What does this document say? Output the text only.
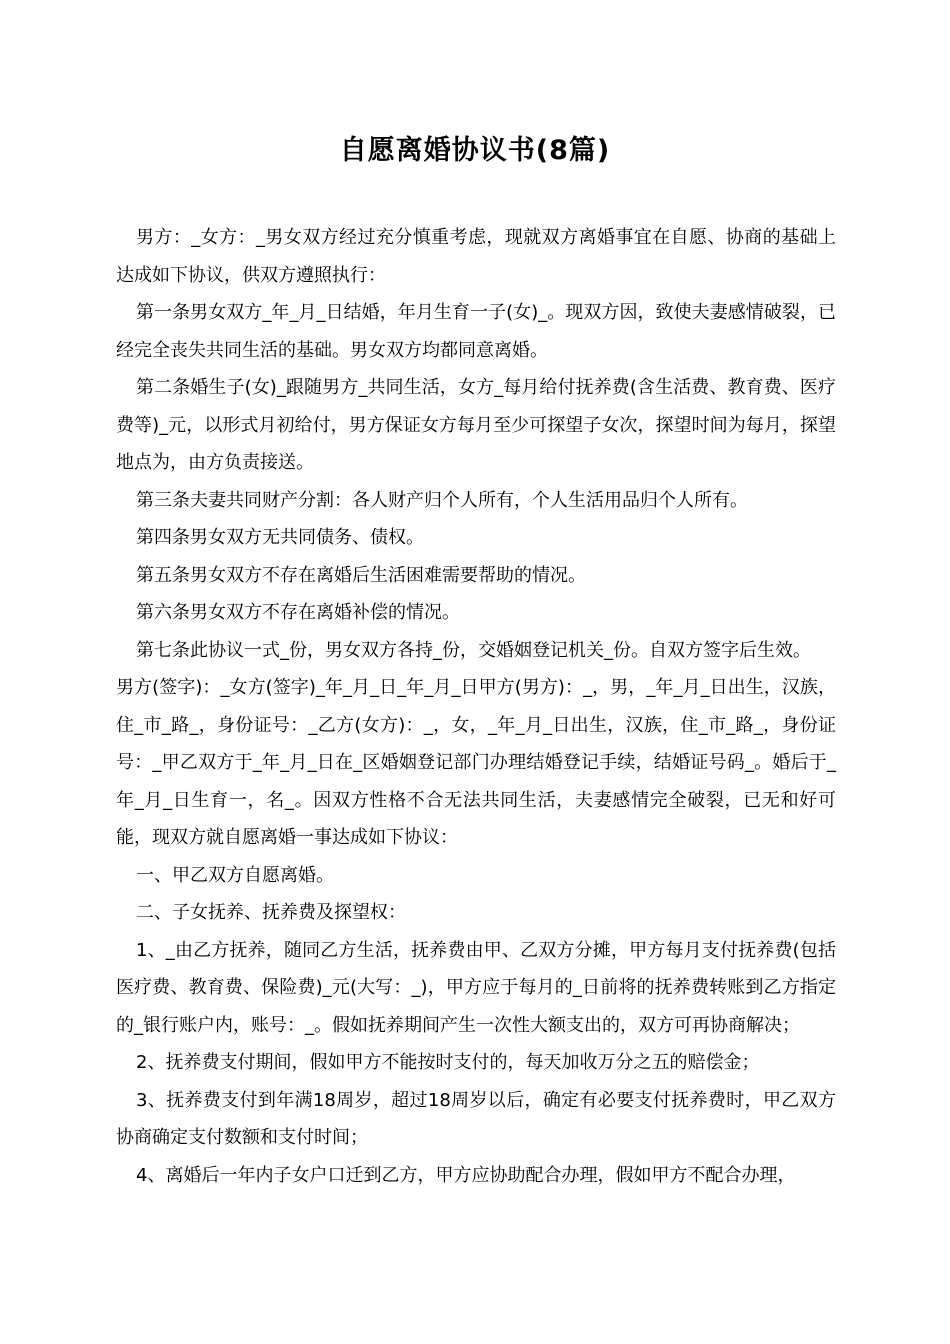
自愿离婚协议书(8篇)

男方：_女方：_男女双方经过充分慎重考虑，现就双方离婚事宜在自愿、协商的基础上达成如下协议，供双方遵照执行：

第一条男女双方_年_月_日结婚，年月生育一子(女)_。现双方因，致使夫妻感情破裂，已经完全丧失共同生活的基础。男女双方均都同意离婚。

第二条婚生子(女)_跟随男方_共同生活，女方_每月给付抚养费(含生活费、教育费、医疗费等)_元，以形式月初给付，男方保证女方每月至少可探望子女次，探望时间为每月，探望地点为，由方负责接送。

第三条夫妻共同财产分割：各人财产归个人所有，个人生活用品归个人所有。

第四条男女双方无共同债务、债权。

第五条男女双方不存在离婚后生活困难需要帮助的情况。

第六条男女双方不存在离婚补偿的情况。

第七条此协议一式_份，男女双方各持_份，交婚姻登记机关_份。自双方签字后生效。

男方(签字)：_女方(签字)_年_月_日_年_月_日甲方(男方)：_，男，_年_月_日出生，汉族，住_市_路_，身份证号：_乙方(女方)：_，女，_年_月_日出生，汉族，住_市_路_，身份证号：_甲乙双方于_年_月_日在_区婚姻登记部门办理结婚登记手续，结婚证号码_。婚后于_年_月_日生育一，名_。因双方性格不合无法共同生活，夫妻感情完全破裂，已无和好可能，现双方就自愿离婚一事达成如下协议：

一、甲乙双方自愿离婚。

二、子女抚养、抚养费及探望权：

1、_由乙方抚养，随同乙方生活，抚养费由甲、乙双方分摊，甲方每月支付抚养费(包括医疗费、教育费、保险费)_元(大写：_)，甲方应于每月的_日前将的抚养费转账到乙方指定的_银行账户内，账号：_。假如抚养期间产生一次性大额支出的，双方可再协商解决；

2、抚养费支付期间，假如甲方不能按时支付的，每天加收万分之五的赔偿金；

3、抚养费支付到年满18周岁，超过18周岁以后，确定有必要支付抚养费时，甲乙双方协商确定支付数额和支付时间；

4、离婚后一年内子女户口迁到乙方，甲方应协助配合办理，假如甲方不配合办理，
